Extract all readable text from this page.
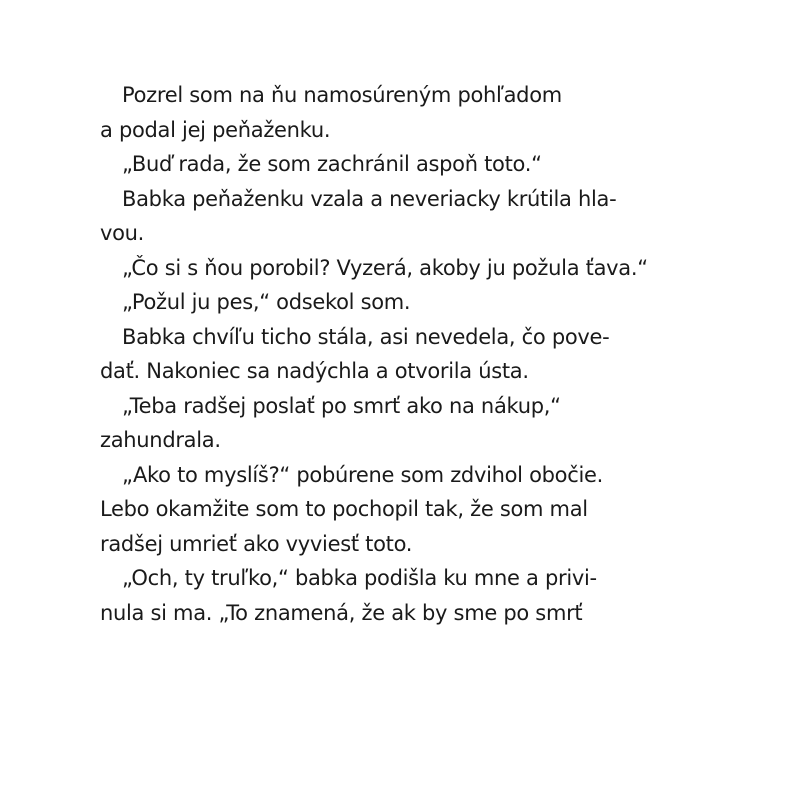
Pozrel som na ňu namosúreným pohľadom
a podal jej peňaženku.
„Buď rada, že som zachránil aspoň toto.“
Babka peňaženku vzala a neveriacky krútila hla-
vou.
„Čo si s ňou porobil? Vyzerá, akoby ju požula ťava.“
„Požul ju pes,“ odsekol som.
Babka chvíľu ticho stála, asi nevedela, čo pove-
dať. Nakoniec sa nadýchla a otvorila ústa.
„Teba radšej poslať po smrť ako na nákup,“
zahundrala.
„Ako to myslíš?“ pobúrene som zdvihol obočie.
Lebo okamžite som to pochopil tak, že som mal
radšej umrieť ako vyviesť toto.
„Och, ty truľko,“ babka podišla ku mne a privi-
nula si ma. „To znamená, že ak by sme po smrť
